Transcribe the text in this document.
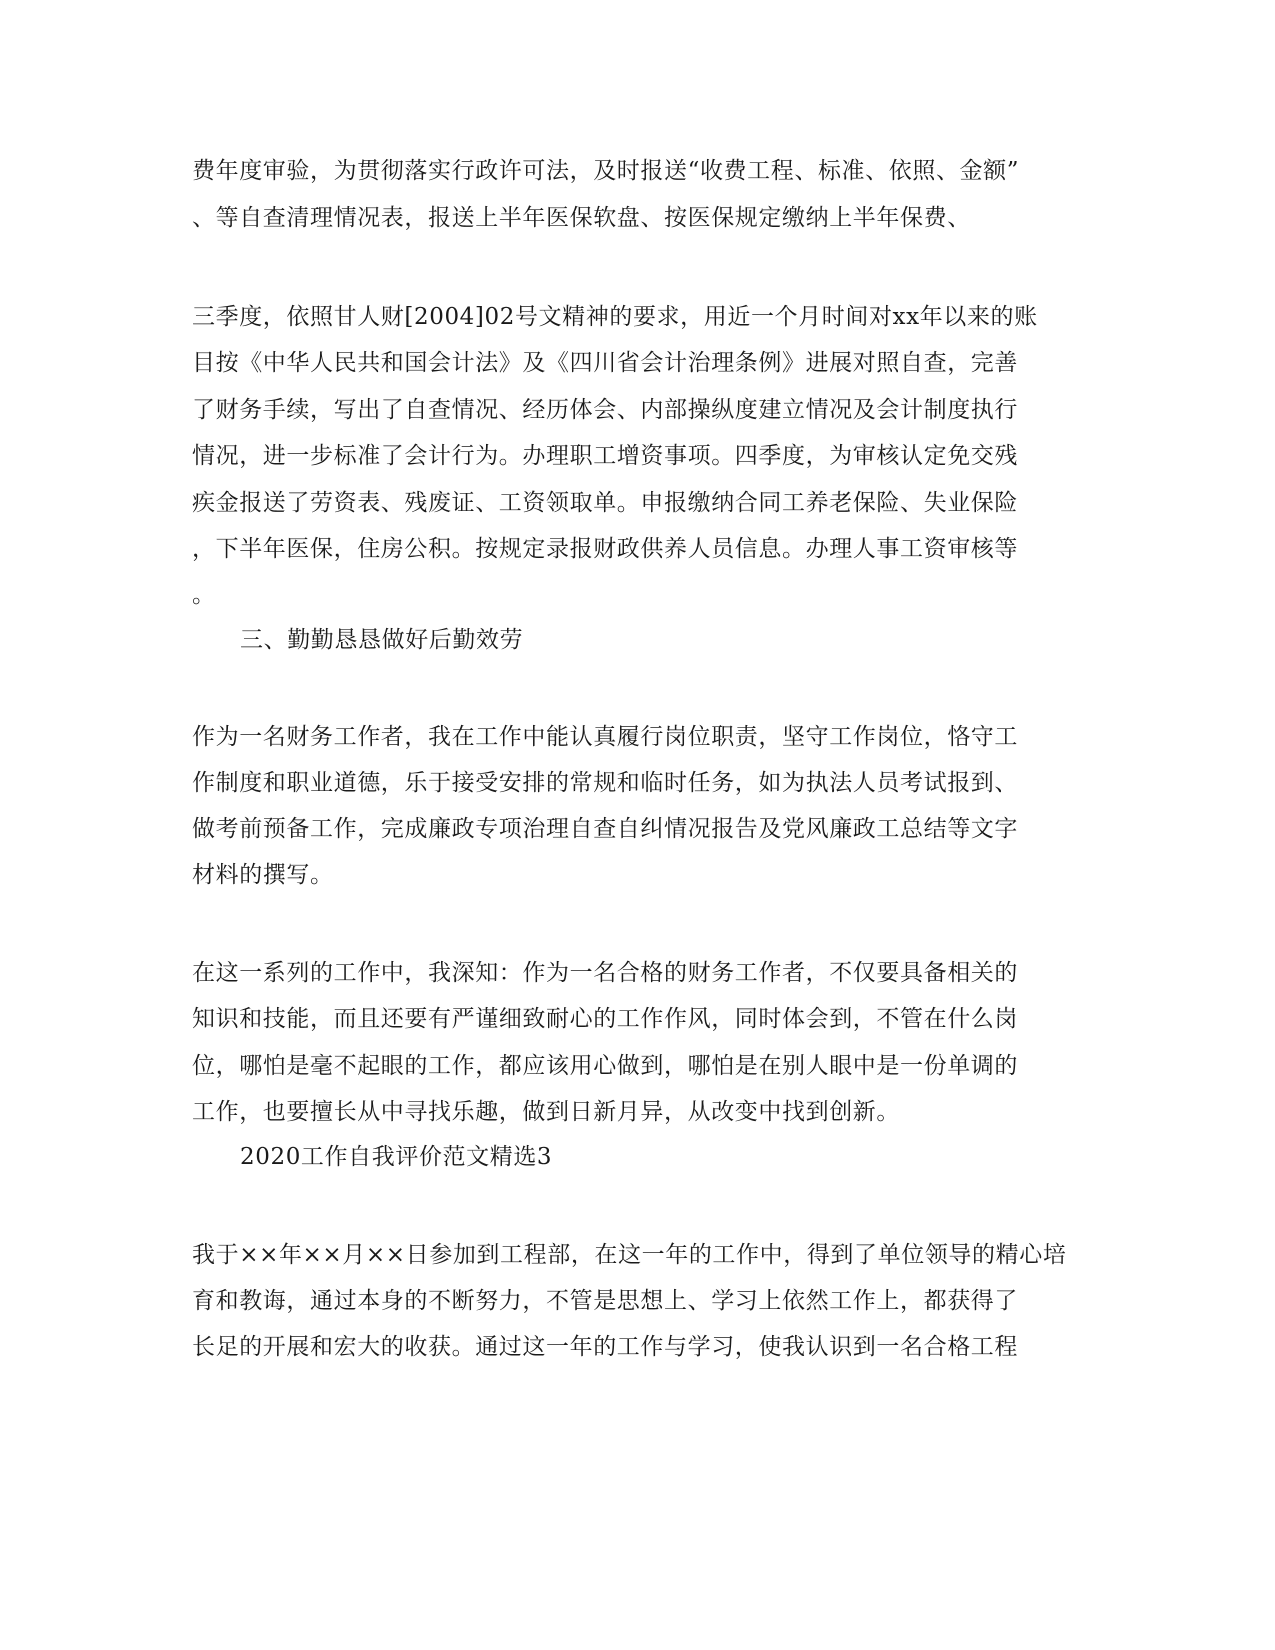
费年度审验，为贯彻落实行政许可法，及时报送“收费工程、标准、依照、金额”
、等自查清理情况表，报送上半年医保软盘、按医保规定缴纳上半年保费、
三季度，依照甘人财[2004]02号文精神的要求，用近一个月时间对xx年以来的账
目按《中华人民共和国会计法》及《四川省会计治理条例》进展对照自查，完善
了财务手续，写出了自查情况、经历体会、内部操纵度建立情况及会计制度执行
情况，进一步标准了会计行为。办理职工增资事项。四季度，为审核认定免交残
疾金报送了劳资表、残废证、工资领取单。申报缴纳合同工养老保险、失业保险
，下半年医保，住房公积。按规定录报财政供养人员信息。办理人事工资审核等
。
三、勤勤恳恳做好后勤效劳
作为一名财务工作者，我在工作中能认真履行岗位职责，坚守工作岗位，恪守工
作制度和职业道德，乐于接受安排的常规和临时任务，如为执法人员考试报到、
做考前预备工作，完成廉政专项治理自查自纠情况报告及党风廉政工总结等文字
材料的撰写。
在这一系列的工作中，我深知：作为一名合格的财务工作者，不仅要具备相关的
知识和技能，而且还要有严谨细致耐心的工作作风，同时体会到，不管在什么岗
位，哪怕是毫不起眼的工作，都应该用心做到，哪怕是在别人眼中是一份单调的
工作，也要擅长从中寻找乐趣，做到日新月异，从改变中找到创新。
2020工作自我评价范文精选3
我于××年××月××日参加到工程部，在这一年的工作中，得到了单位领导的精心培
育和教诲，通过本身的不断努力，不管是思想上、学习上依然工作上，都获得了
长足的开展和宏大的收获。通过这一年的工作与学习，使我认识到一名合格工程
